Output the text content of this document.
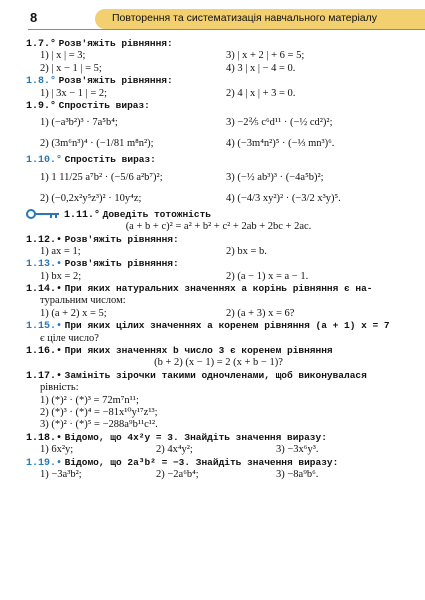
8	Повторення та систематизація навчального матеріалу
1.7.° Розв'яжіть рівняння:
1) | x | = 3;	3) | x + 2 | + 6 = 5;
2) | x − 1 | = 5;	4) 3 | x | − 4 = 0.
1.8.° Розв'яжіть рівняння:
1) | 3x − 1 | = 2;	2) 4 | x | + 3 = 0.
1.9.° Спростіть вираз:
1) (−a³b²)³ · 7a⁵b⁴;	3) −2⅖ c⁶d¹¹ · (−½ cd²)²;
2) (3m⁶n³)⁴ · (−1/81 m⁸n²);	4) (−3m⁴n²)⁵ · (−⅓ mn³)⁶.
1.10.° Спростіть вираз:
1) 1 11/25 a⁷b² · (−5/6 a²b⁷)²;	3) (−½ ab³)³ · (−4a⁵b)²;
2) (−0,2x²y⁵z³)² · 10y⁴z;	4) (−4/3 xy²)² · (−3/2 x³y)⁵.
1.11.° Доведіть тотожність
(a + b + c)² = a² + b² + c² + 2ab + 2bc + 2ac.
1.12.• Розв'яжіть рівняння:
1) ax = 1;	2) bx = b.
1.13.• Розв'яжіть рівняння:
1) bx = 2;	2) (a − 1) x = a − 1.
1.14.• При яких натуральних значеннях a корінь рівняння є на-
туральним числом:
1) (a + 2) x = 5;	2) (a + 3) x = 6?
1.15.• При яких цілих значеннях a коренем рівняння (a + 1) x = 7
є ціле число?
1.16.• При яких значеннях b число 3 є коренем рівняння
(b + 2) (x − 1) = 2 (x + b − 1)?
1.17.• Замініть зірочки такими одночленами, щоб виконувалася
рівність:
1) (*)² · (*)³ = 72m⁷n¹¹;
2) (*)³ · (*)⁴ = −81x¹⁰y¹⁷z¹³;
3) (*)² · (*)⁵ = −288a⁹b¹¹c¹².
1.18.• Відомо, що 4x²y = 3. Знайдіть значення виразу:
1) 6x²y;	2) 4x⁴y²;	3) −3x⁶y³.
1.19.• Відомо, що 2a³b² = −3. Знайдіть значення виразу:
1) −3a³b²;	2) −2a⁶b⁴;	3) −8a⁹b⁶.
